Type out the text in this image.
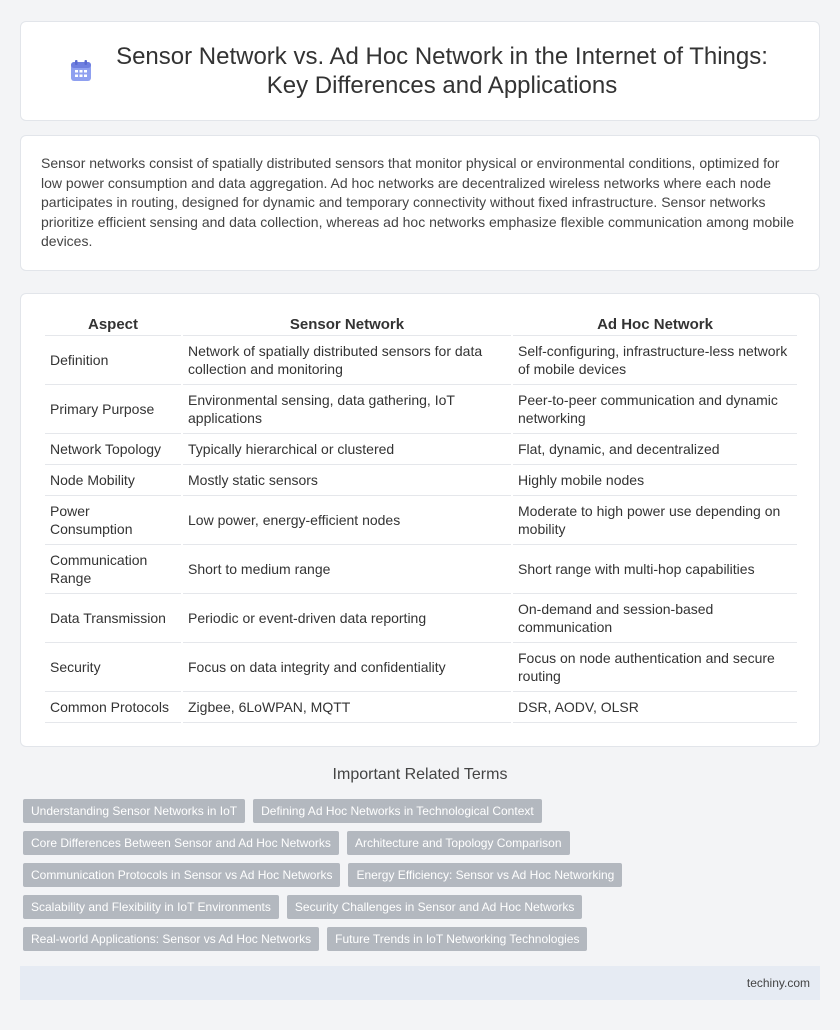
Sensor Network vs. Ad Hoc Network in the Internet of Things: Key Differences and Applications

Sensor networks consist of spatially distributed sensors that monitor physical or environmental conditions, optimized for low power consumption and data aggregation. Ad hoc networks are decentralized wireless networks where each node participates in routing, designed for dynamic and temporary connectivity without fixed infrastructure. Sensor networks prioritize efficient sensing and data collection, whereas ad hoc networks emphasize flexible communication among mobile devices.

Aspect	Sensor Network	Ad Hoc Network
Definition	Network of spatially distributed sensors for data collection and monitoring	Self-configuring, infrastructure-less network of mobile devices
Primary Purpose	Environmental sensing, data gathering, IoT applications	Peer-to-peer communication and dynamic networking
Network Topology	Typically hierarchical or clustered	Flat, dynamic, and decentralized
Node Mobility	Mostly static sensors	Highly mobile nodes
Power Consumption	Low power, energy-efficient nodes	Moderate to high power use depending on mobility
Communication Range	Short to medium range	Short range with multi-hop capabilities
Data Transmission	Periodic or event-driven data reporting	On-demand and session-based communication
Security	Focus on data integrity and confidentiality	Focus on node authentication and secure routing
Common Protocols	Zigbee, 6LoWPAN, MQTT	DSR, AODV, OLSR
Important Related Terms
Understanding Sensor Networks in IoT	Defining Ad Hoc Networks in Technological Context
Core Differences Between Sensor and Ad Hoc Networks	Architecture and Topology Comparison
Communication Protocols in Sensor vs Ad Hoc Networks	Energy Efficiency: Sensor vs Ad Hoc Networking
Scalability and Flexibility in IoT Environments	Security Challenges in Sensor and Ad Hoc Networks
Real-world Applications: Sensor vs Ad Hoc Networks	Future Trends in IoT Networking Technologies
techiny.com
